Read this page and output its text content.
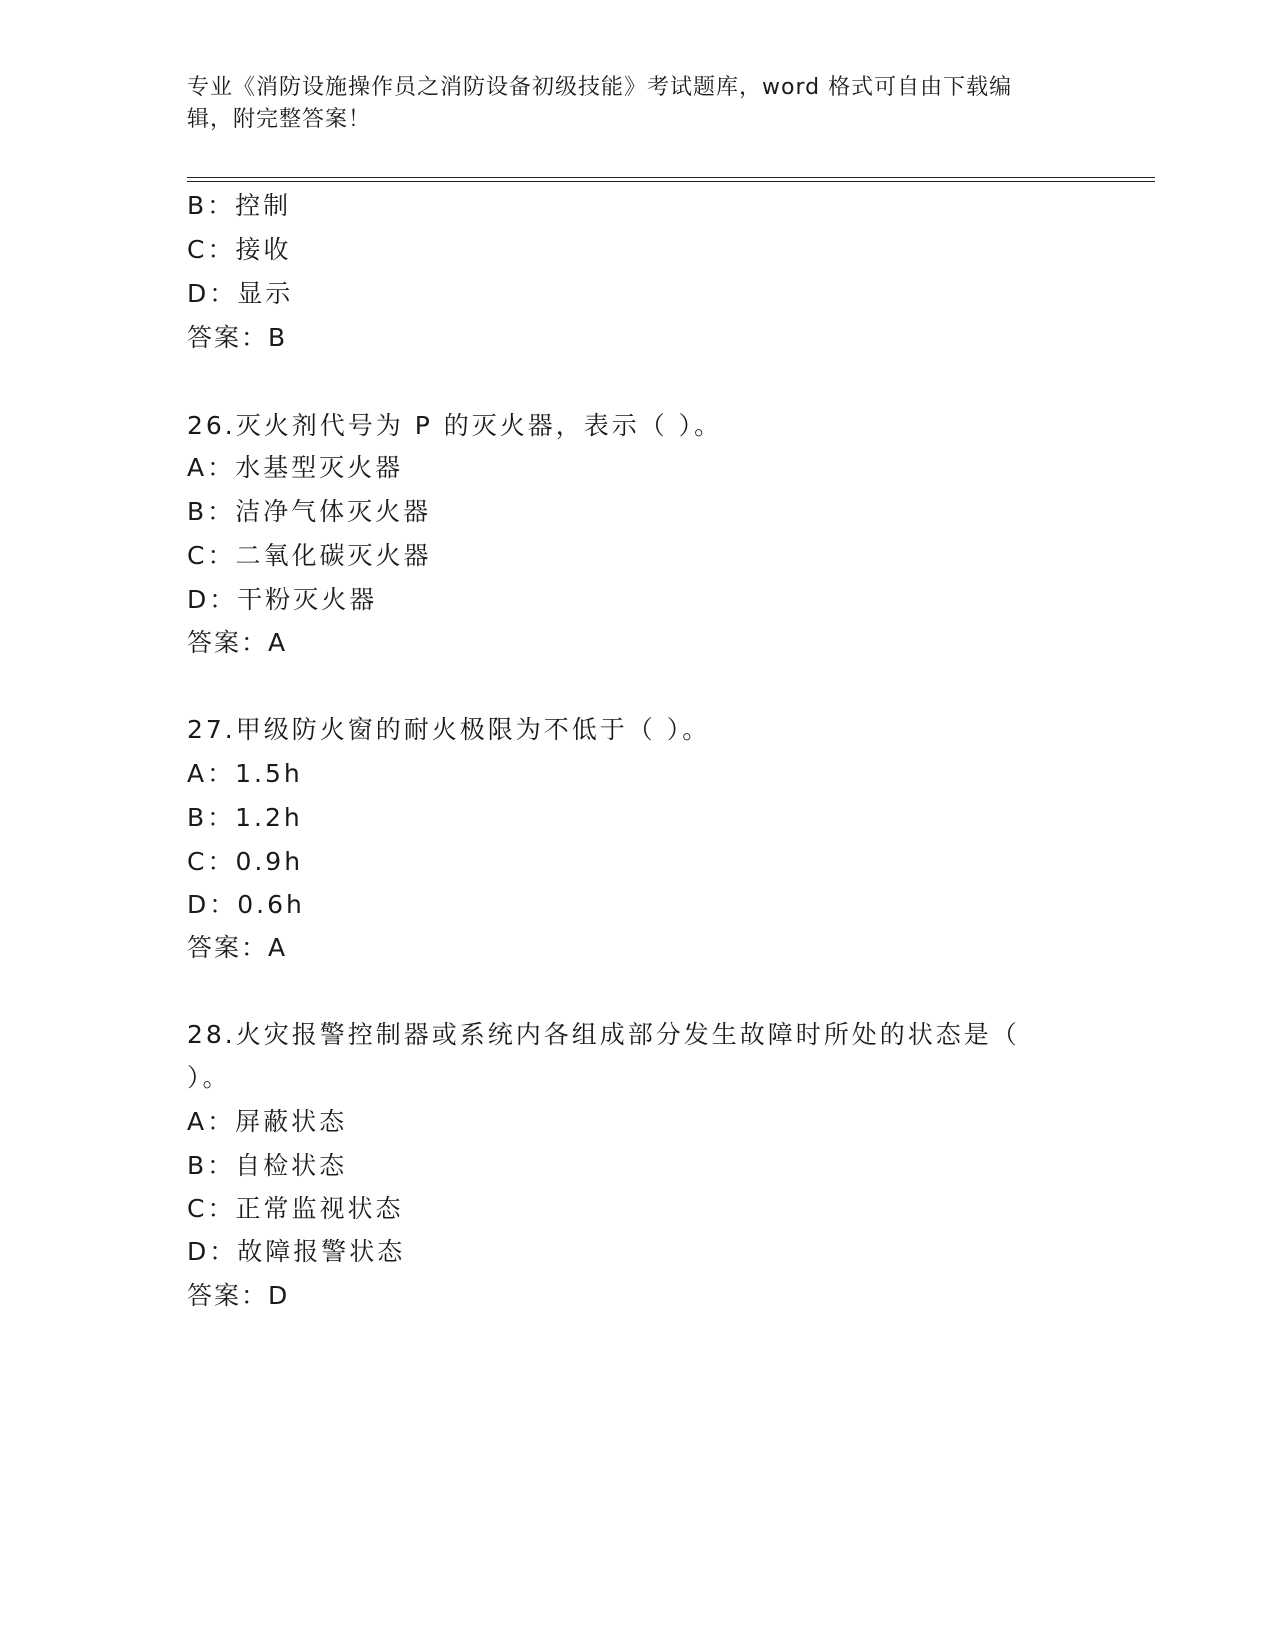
专业《消防设施操作员之消防设备初级技能》考试题库，word 格式可自由下载编
辑，附完整答案！
B：控制
C：接收
D：显示
答案：B
26.灭火剂代号为 P 的灭火器，表示（ ）。
A：水基型灭火器
B：洁净气体灭火器
C：二氧化碳灭火器
D：干粉灭火器
答案：A
27.甲级防火窗的耐火极限为不低于（ ）。
A：1.5h
B：1.2h
C：0.9h
D：0.6h
答案：A
28.火灾报警控制器或系统内各组成部分发生故障时所处的状态是（
）。
A：屏蔽状态
B：自检状态
C：正常监视状态
D：故障报警状态
答案：D
